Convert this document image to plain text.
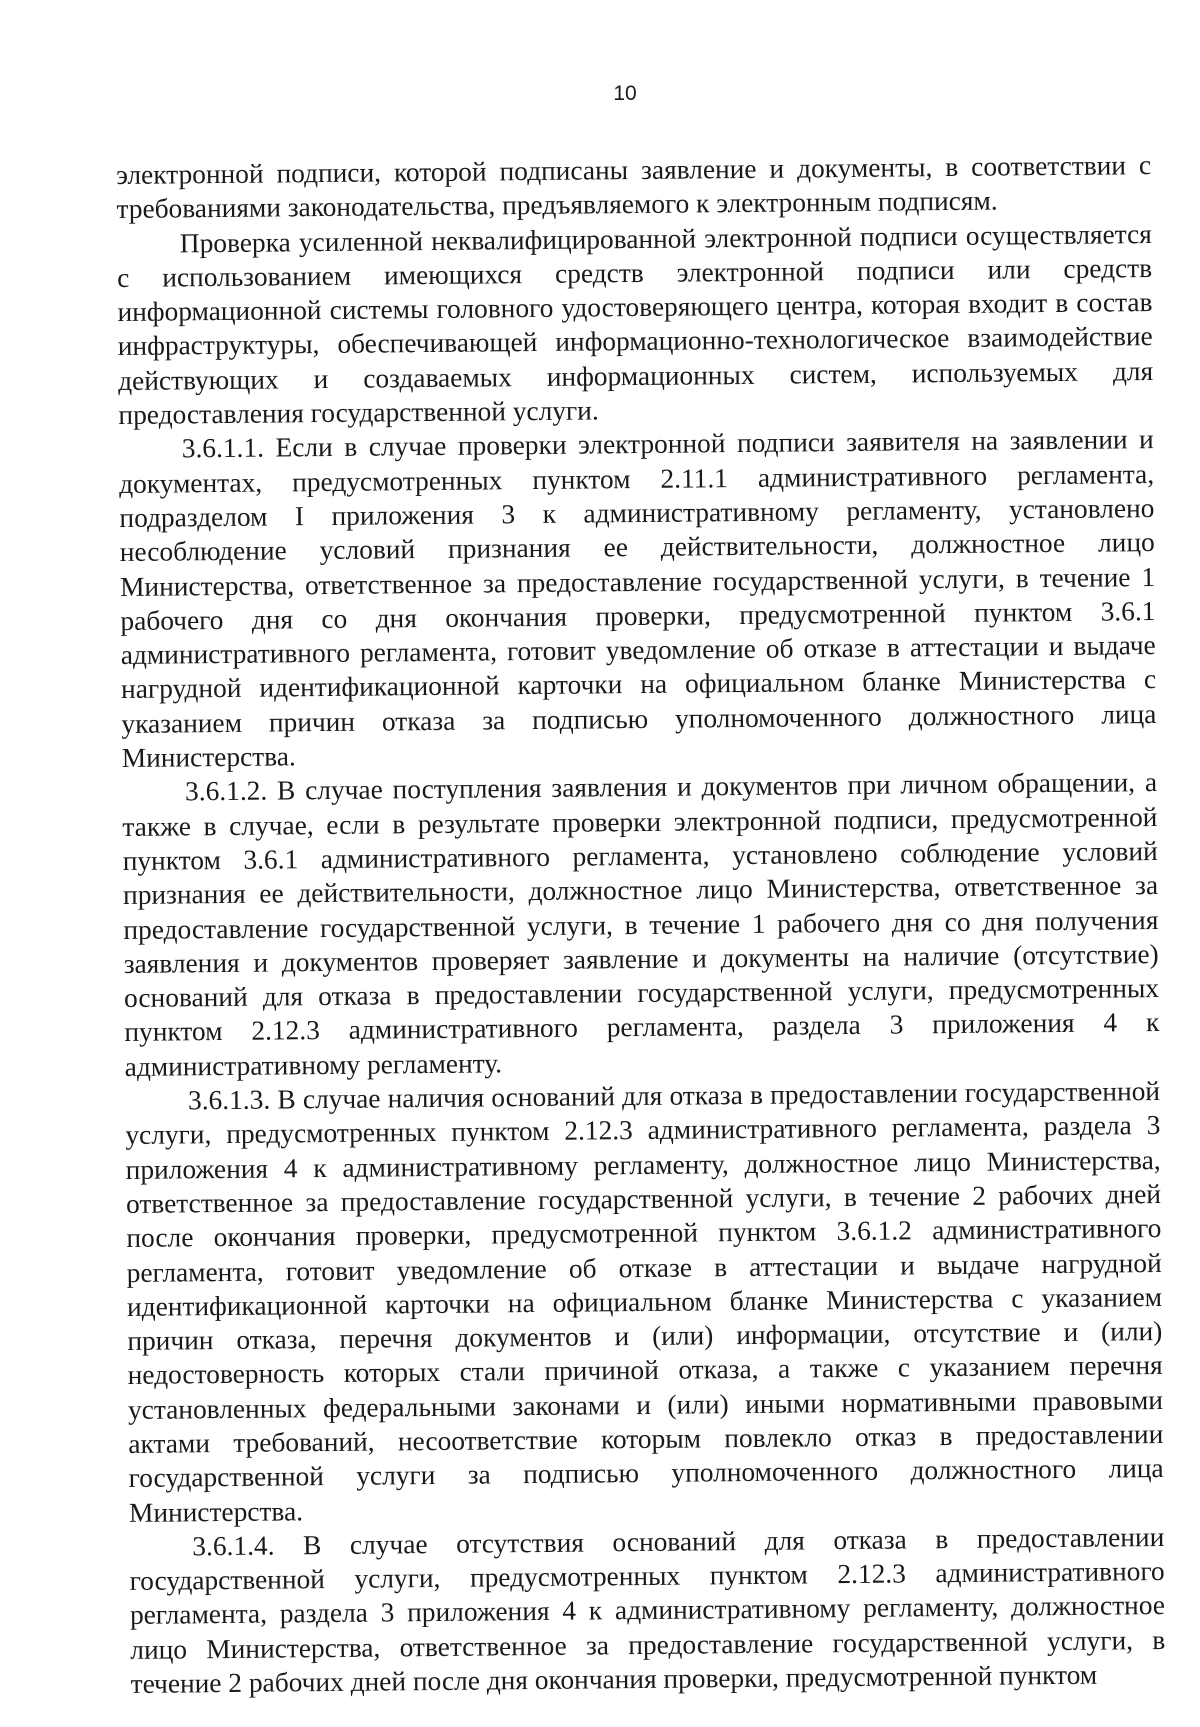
10

электронной подписи, которой подписаны заявление и документы, в соответствии с требованиями законодательства, предъявляемого к электронным подписям.

Проверка усиленной неквалифицированной электронной подписи осуществляется с использованием имеющихся средств электронной подписи или средств информационной системы головного удостоверяющего центра, которая входит в состав инфраструктуры, обеспечивающей информационно-технологическое взаимодействие действующих и создаваемых информационных систем, используемых для предоставления государственной услуги.

3.6.1.1. Если в случае проверки электронной подписи заявителя на заявлении и документах, предусмотренных пунктом 2.11.1 административного регламента, подразделом I приложения 3 к административному регламенту, установлено несоблюдение условий признания ее действительности, должностное лицо Министерства, ответственное за предоставление государственной услуги, в течение 1 рабочего дня со дня окончания проверки, предусмотренной пунктом 3.6.1 административного регламента, готовит уведомление об отказе в аттестации и выдаче нагрудной идентификационной карточки на официальном бланке Министерства с указанием причин отказа за подписью уполномоченного должностного лица Министерства.

3.6.1.2. В случае поступления заявления и документов при личном обращении, а также в случае, если в результате проверки электронной подписи, предусмотренной пунктом 3.6.1 административного регламента, установлено соблюдение условий признания ее действительности, должностное лицо Министерства, ответственное за предоставление государственной услуги, в течение 1 рабочего дня со дня получения заявления и документов проверяет заявление и документы на наличие (отсутствие) оснований для отказа в предоставлении государственной услуги, предусмотренных пунктом 2.12.3 административного регламента, раздела 3 приложения 4 к административному регламенту.

3.6.1.3. В случае наличия оснований для отказа в предоставлении государственной услуги, предусмотренных пунктом 2.12.3 административного регламента, раздела 3 приложения 4 к административному регламенту, должностное лицо Министерства, ответственное за предоставление государственной услуги, в течение 2 рабочих дней после окончания проверки, предусмотренной пунктом 3.6.1.2 административного регламента, готовит уведомление об отказе в аттестации и выдаче нагрудной идентификационной карточки на официальном бланке Министерства с указанием причин отказа, перечня документов и (или) информации, отсутствие и (или) недостоверность которых стали причиной отказа, а также с указанием перечня установленных федеральными законами и (или) иными нормативными правовыми актами требований, несоответствие которым повлекло отказ в предоставлении государственной услуги за подписью уполномоченного должностного лица Министерства.

3.6.1.4. В случае отсутствия оснований для отказа в предоставлении государственной услуги, предусмотренных пунктом 2.12.3 административного регламента, раздела 3 приложения 4 к административному регламенту, должностное лицо Министерства, ответственное за предоставление государственной услуги, в течение 2 рабочих дней после дня окончания проверки, предусмотренной пунктом
